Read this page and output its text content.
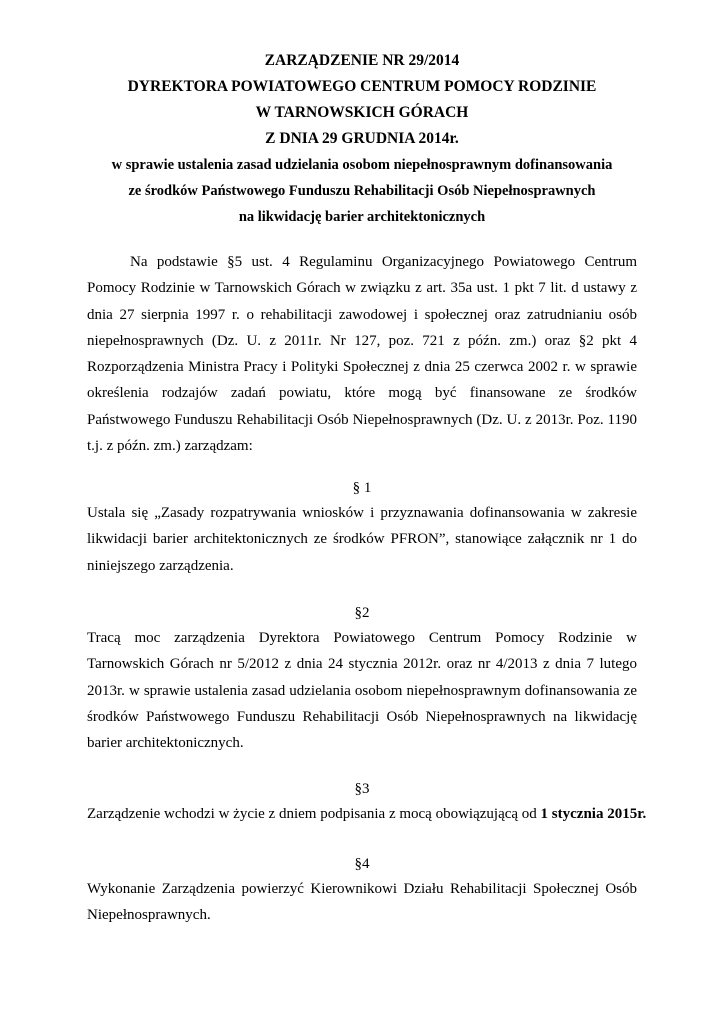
ZARZĄDZENIE NR 29/2014
DYREKTORA POWIATOWEGO CENTRUM POMOCY RODZINIE
W TARNOWSKICH GÓRACH
Z DNIA 29 GRUDNIA 2014r.
w sprawie ustalenia zasad udzielania osobom niepełnosprawnym dofinansowania
ze środków Państwowego Funduszu Rehabilitacji Osób Niepełnosprawnych
na likwidację barier architektonicznych
Na podstawie §5 ust. 4 Regulaminu Organizacyjnego Powiatowego Centrum Pomocy Rodzinie w Tarnowskich Górach w związku z art. 35a ust. 1 pkt 7 lit. d ustawy z dnia 27 sierpnia 1997 r. o rehabilitacji zawodowej i społecznej oraz zatrudnianiu osób niepełnosprawnych (Dz. U. z 2011r. Nr 127, poz. 721 z późn. zm.) oraz §2 pkt 4 Rozporządzenia Ministra Pracy i Polityki Społecznej z dnia 25 czerwca 2002 r. w sprawie określenia rodzajów zadań powiatu, które mogą być finansowane ze środków Państwowego Funduszu Rehabilitacji Osób Niepełnosprawnych (Dz. U. z 2013r. Poz. 1190 t.j. z późn. zm.) zarządzam:
§ 1
Ustala się „Zasady rozpatrywania wniosków i przyznawania dofinansowania w zakresie likwidacji barier architektonicznych ze środków PFRON”, stanowiące załącznik nr 1 do niniejszego zarządzenia.
§2
Tracą moc zarządzenia Dyrektora Powiatowego Centrum Pomocy Rodzinie w Tarnowskich Górach nr 5/2012 z dnia 24 stycznia 2012r. oraz nr 4/2013 z dnia 7 lutego 2013r. w sprawie ustalenia zasad udzielania osobom niepełnosprawnym dofinansowania ze środków Państwowego Funduszu Rehabilitacji Osób Niepełnosprawnych na likwidację barier architektonicznych.
§3
Zarządzenie wchodzi w życie z dniem podpisania z mocą obowiązującą od 1 stycznia 2015r.
§4
Wykonanie Zarządzenia powierzyć Kierownikowi Działu Rehabilitacji Społecznej Osób Niepełnosprawnych.
